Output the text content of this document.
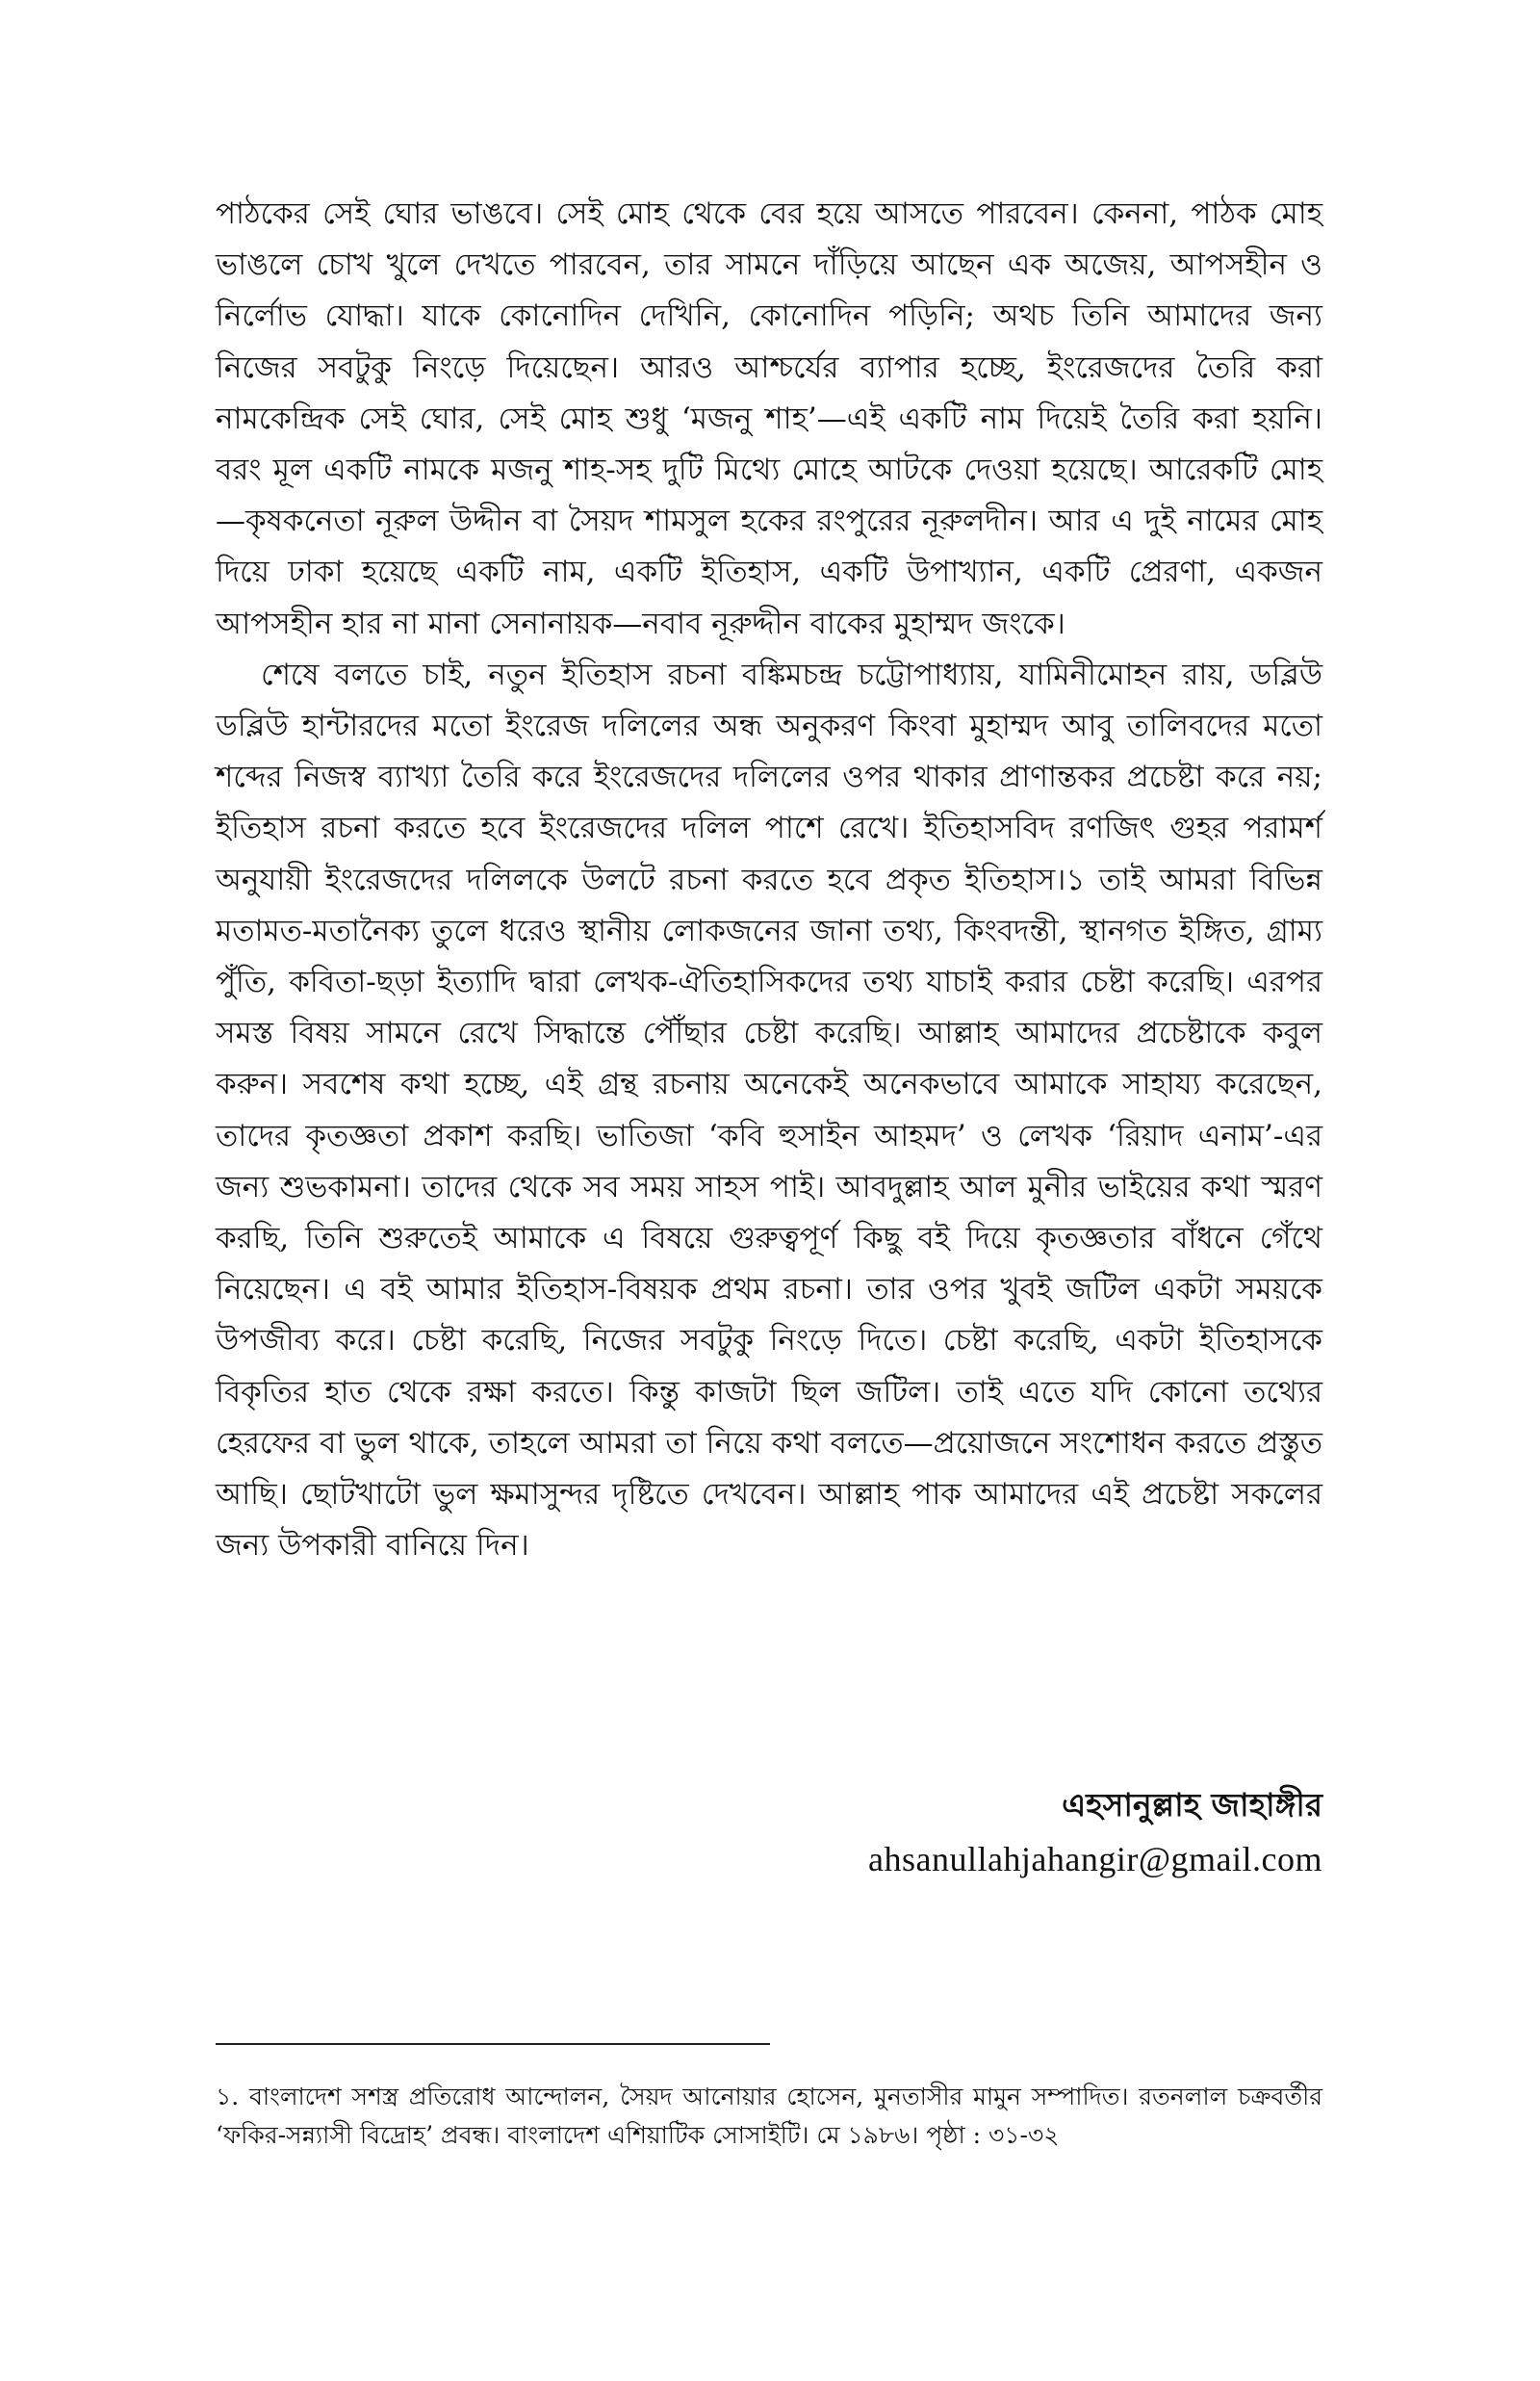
পাঠকের সেই ঘোর ভাঙবে। সেই মোহ থেকে বের হয়ে আসতে পারবেন। কেননা, পাঠক মোহ ভাঙলে চোখ খুলে দেখতে পারবেন, তার সামনে দাঁড়িয়ে আছেন এক অজেয়, আপসহীন ও নির্লোভ যোদ্ধা। যাকে কোনোদিন দেখিনি, কোনোদিন পড়িনি; অথচ তিনি আমাদের জন্য নিজের সবটুকু নিংড়ে দিয়েছেন। আরও আশ্চর্যের ব্যাপার হচ্ছে, ইংরেজদের তৈরি করা নামকেন্দ্রিক সেই ঘোর, সেই মোহ শুধু ‘মজনু শাহ’—এই একটি নাম দিয়েই তৈরি করা হয়নি। বরং মূল একটি নামকে মজনু শাহ-সহ দুটি মিথ্যে মোহে আটকে দেওয়া হয়েছে। আরেকটি মোহ—কৃষকনেতা নূরুল উদ্দীন বা সৈয়দ শামসুল হকের রংপুরের নূরুলদীন। আর এ দুই নামের মোহ দিয়ে ঢাকা হয়েছে একটি নাম, একটি ইতিহাস, একটি উপাখ্যান, একটি প্রেরণা, একজন আপসহীন হার না মানা সেনানায়ক—নবাব নূরুদ্দীন বাকের মুহাম্মদ জংকে।

শেষে বলতে চাই, নতুন ইতিহাস রচনা বঙ্কিমচন্দ্র চট্টোপাধ্যায়, যামিনীমোহন রায়, ডব্লিউ ডব্লিউ হান্টারদের মতো ইংরেজ দলিলের অন্ধ অনুকরণ কিংবা মুহাম্মদ আবু তালিবদের মতো শব্দের নিজস্ব ব্যাখ্যা তৈরি করে ইংরেজদের দলিলের ওপর থাকার প্রাণান্তকর প্রচেষ্টা করে নয়; ইতিহাস রচনা করতে হবে ইংরেজদের দলিল পাশে রেখে। ইতিহাসবিদ রণজিৎ গুহর পরামর্শ অনুযায়ী ইংরেজদের দলিলকে উলটে রচনা করতে হবে প্রকৃত ইতিহাস।১ তাই আমরা বিভিন্ন মতামত-মতানৈক্য তুলে ধরেও স্থানীয় লোকজনের জানা তথ্য, কিংবদন্তী, স্থানগত ইঙ্গিত, গ্রাম্য পুঁতি, কবিতা-ছড়া ইত্যাদি দ্বারা লেখক-ঐতিহাসিকদের তথ্য যাচাই করার চেষ্টা করেছি। এরপর সমস্ত বিষয় সামনে রেখে সিদ্ধান্তে পৌঁছার চেষ্টা করেছি। আল্লাহ আমাদের প্রচেষ্টাকে কবুল করুন। সবশেষ কথা হচ্ছে, এই গ্রন্থ রচনায় অনেকেই অনেকভাবে আমাকে সাহায্য করেছেন, তাদের কৃতজ্ঞতা প্রকাশ করছি। ভাতিজা ‘কবি হুসাইন আহমদ’ ও লেখক ‘রিয়াদ এনাম’-এর জন্য শুভকামনা। তাদের থেকে সব সময় সাহস পাই। আবদুল্লাহ আল মুনীর ভাইয়ের কথা স্মরণ করছি, তিনি শুরুতেই আমাকে এ বিষয়ে গুরুত্বপূর্ণ কিছু বই দিয়ে কৃতজ্ঞতার বাঁধনে গেঁথে নিয়েছেন। এ বই আমার ইতিহাস-বিষয়ক প্রথম রচনা। তার ওপর খুবই জটিল একটা সময়কে উপজীব্য করে। চেষ্টা করেছি, নিজের সবটুকু নিংড়ে দিতে। চেষ্টা করেছি, একটা ইতিহাসকে বিকৃতির হাত থেকে রক্ষা করতে। কিন্তু কাজটা ছিল জটিল। তাই এতে যদি কোনো তথ্যের হেরফের বা ভুল থাকে, তাহলে আমরা তা নিয়ে কথা বলতে—প্রয়োজনে সংশোধন করতে প্রস্তুত আছি। ছোটখাটো ভুল ক্ষমাসুন্দর দৃষ্টিতে দেখবেন। আল্লাহ পাক আমাদের এই প্রচেষ্টা সকলের জন্য উপকারী বানিয়ে দিন।

এহসানুল্লাহ জাহাঙ্গীর
ahsanullahjahangir@gmail.com

১. বাংলাদেশ সশস্ত্র প্রতিরোধ আন্দোলন, সৈয়দ আনোয়ার হোসেন, মুনতাসীর মামুন সম্পাদিত। রতনলাল চক্রবর্তীর ‘ফকির-সন্ন্যাসী বিদ্রোহ’ প্রবন্ধ। বাংলাদেশ এশিয়াটিক সোসাইটি। মে ১৯৮৬। পৃষ্ঠা : ৩১-৩২
